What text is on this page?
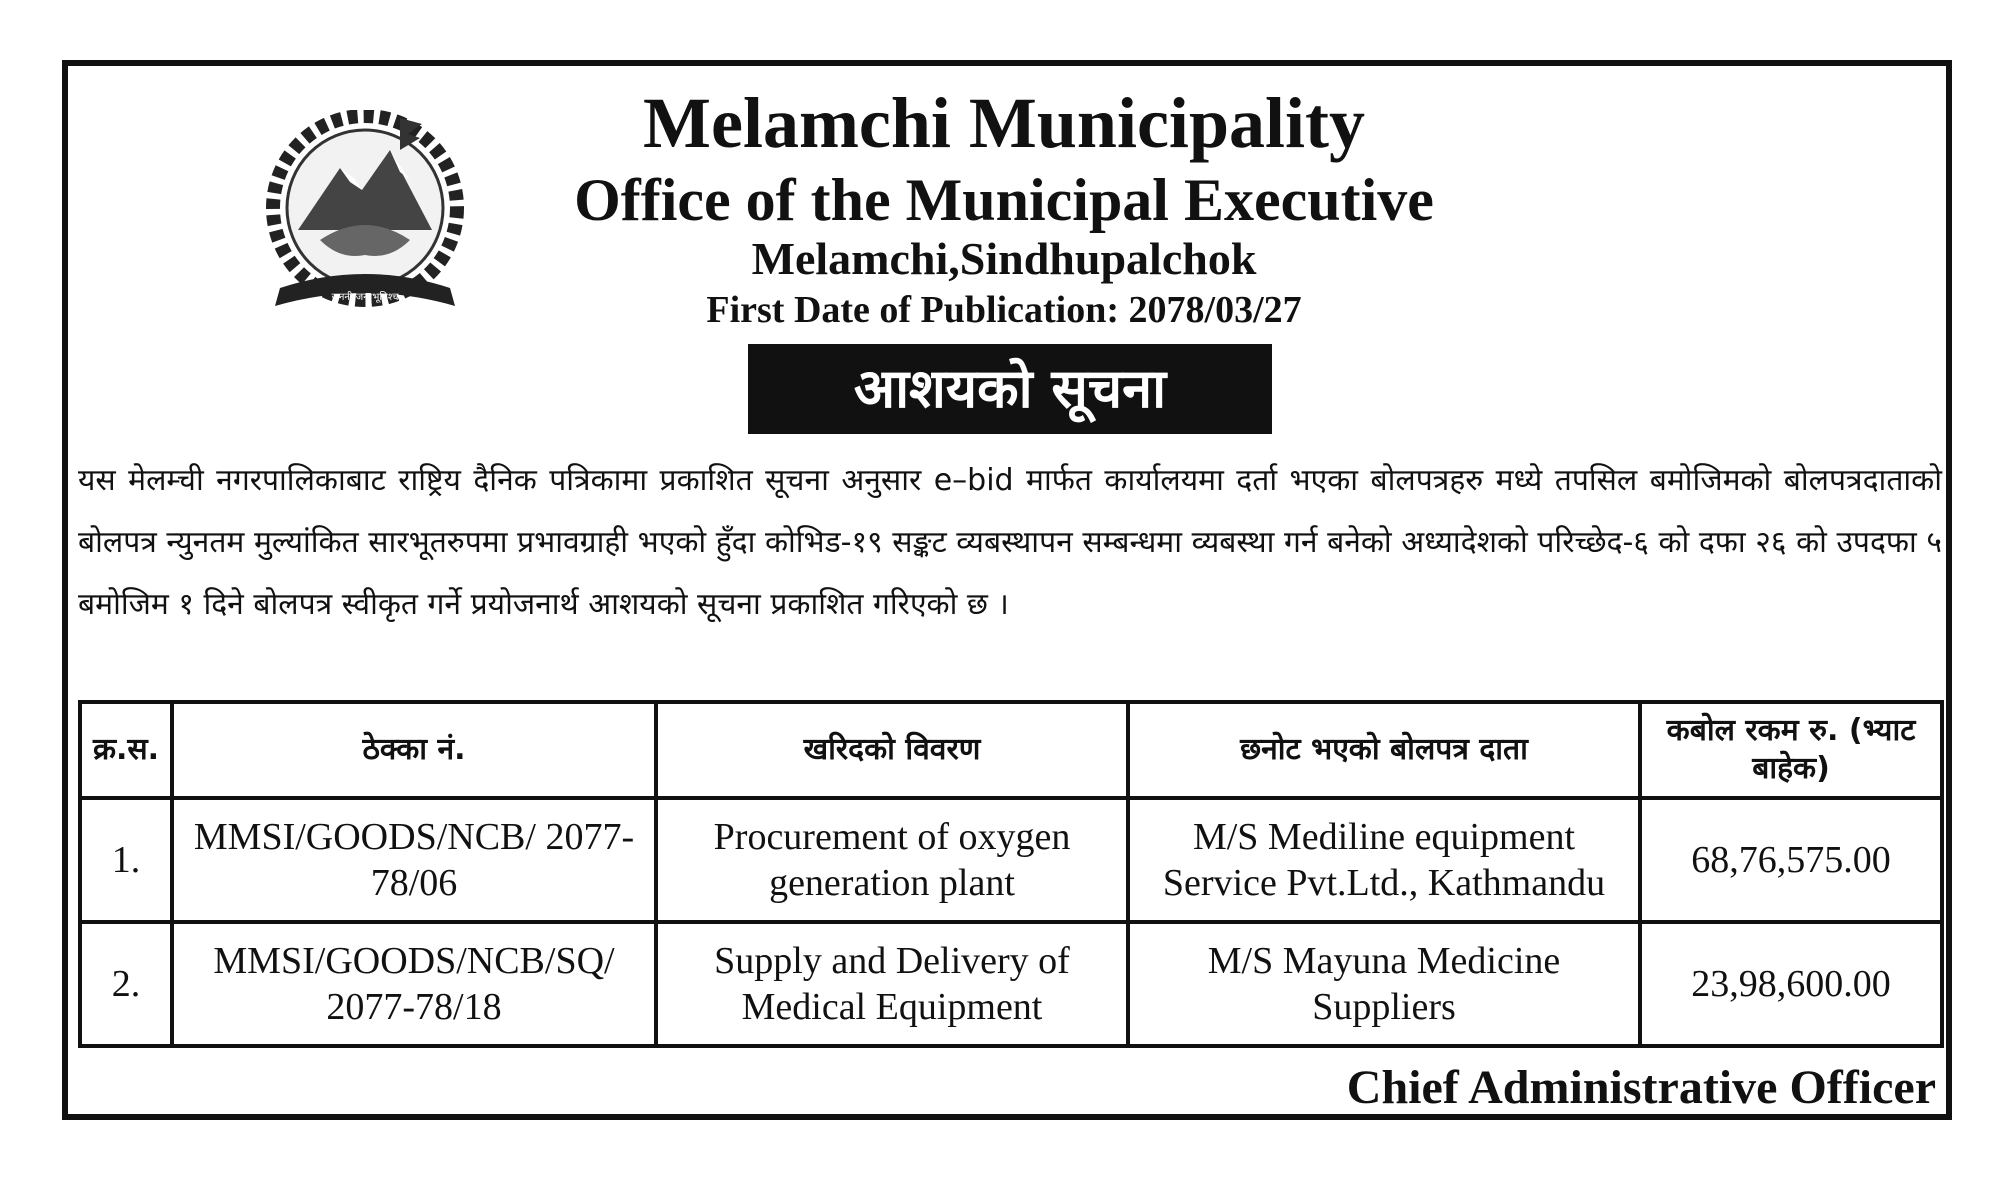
जननी जन्मभूमिश्च
Melamchi Municipality
Office of the Municipal Executive
Melamchi,Sindhupalchok
First Date of Publication: 2078/03/27
आशयको सूचना
यस मेलम्ची नगरपालिकाबाट राष्ट्रिय दैनिक पत्रिकामा प्रकाशित सूचना अनुसार e–bid मार्फत कार्यालयमा दर्ता भएका बोलपत्रहरु मध्ये तपसिल बमोजिमको बोलपत्रदाताको बोलपत्र न्युनतम मुल्यांकित सारभूतरुपमा प्रभावग्राही भएको हुँदा कोभिड-१९ सङ्कट व्यबस्थापन सम्बन्धमा व्यबस्था गर्न बनेको अध्यादेशको परिच्छेद-६ को दफा २६ को उपदफा ५ बमोजिम १ दिने बोलपत्र स्वीकृत गर्ने प्रयोजनार्थ आशयको सूचना प्रकाशित गरिएको छ ।
क्र.स.	ठेक्का नं.	खरिदको विवरण	छनोट भएको बोलपत्र दाता	कबोल रकम रु. (भ्याट बाहेक)
1.	MMSI/GOODS/NCB/ 2077-78/06	Procurement of oxygen generation plant	M/S Mediline equipment Service Pvt.Ltd., Kathmandu	68,76,575.00
2.	MMSI/GOODS/NCB/SQ/ 2077-78/18	Supply and Delivery of Medical Equipment	M/S Mayuna Medicine Suppliers	23,98,600.00
Chief Administrative Officer
